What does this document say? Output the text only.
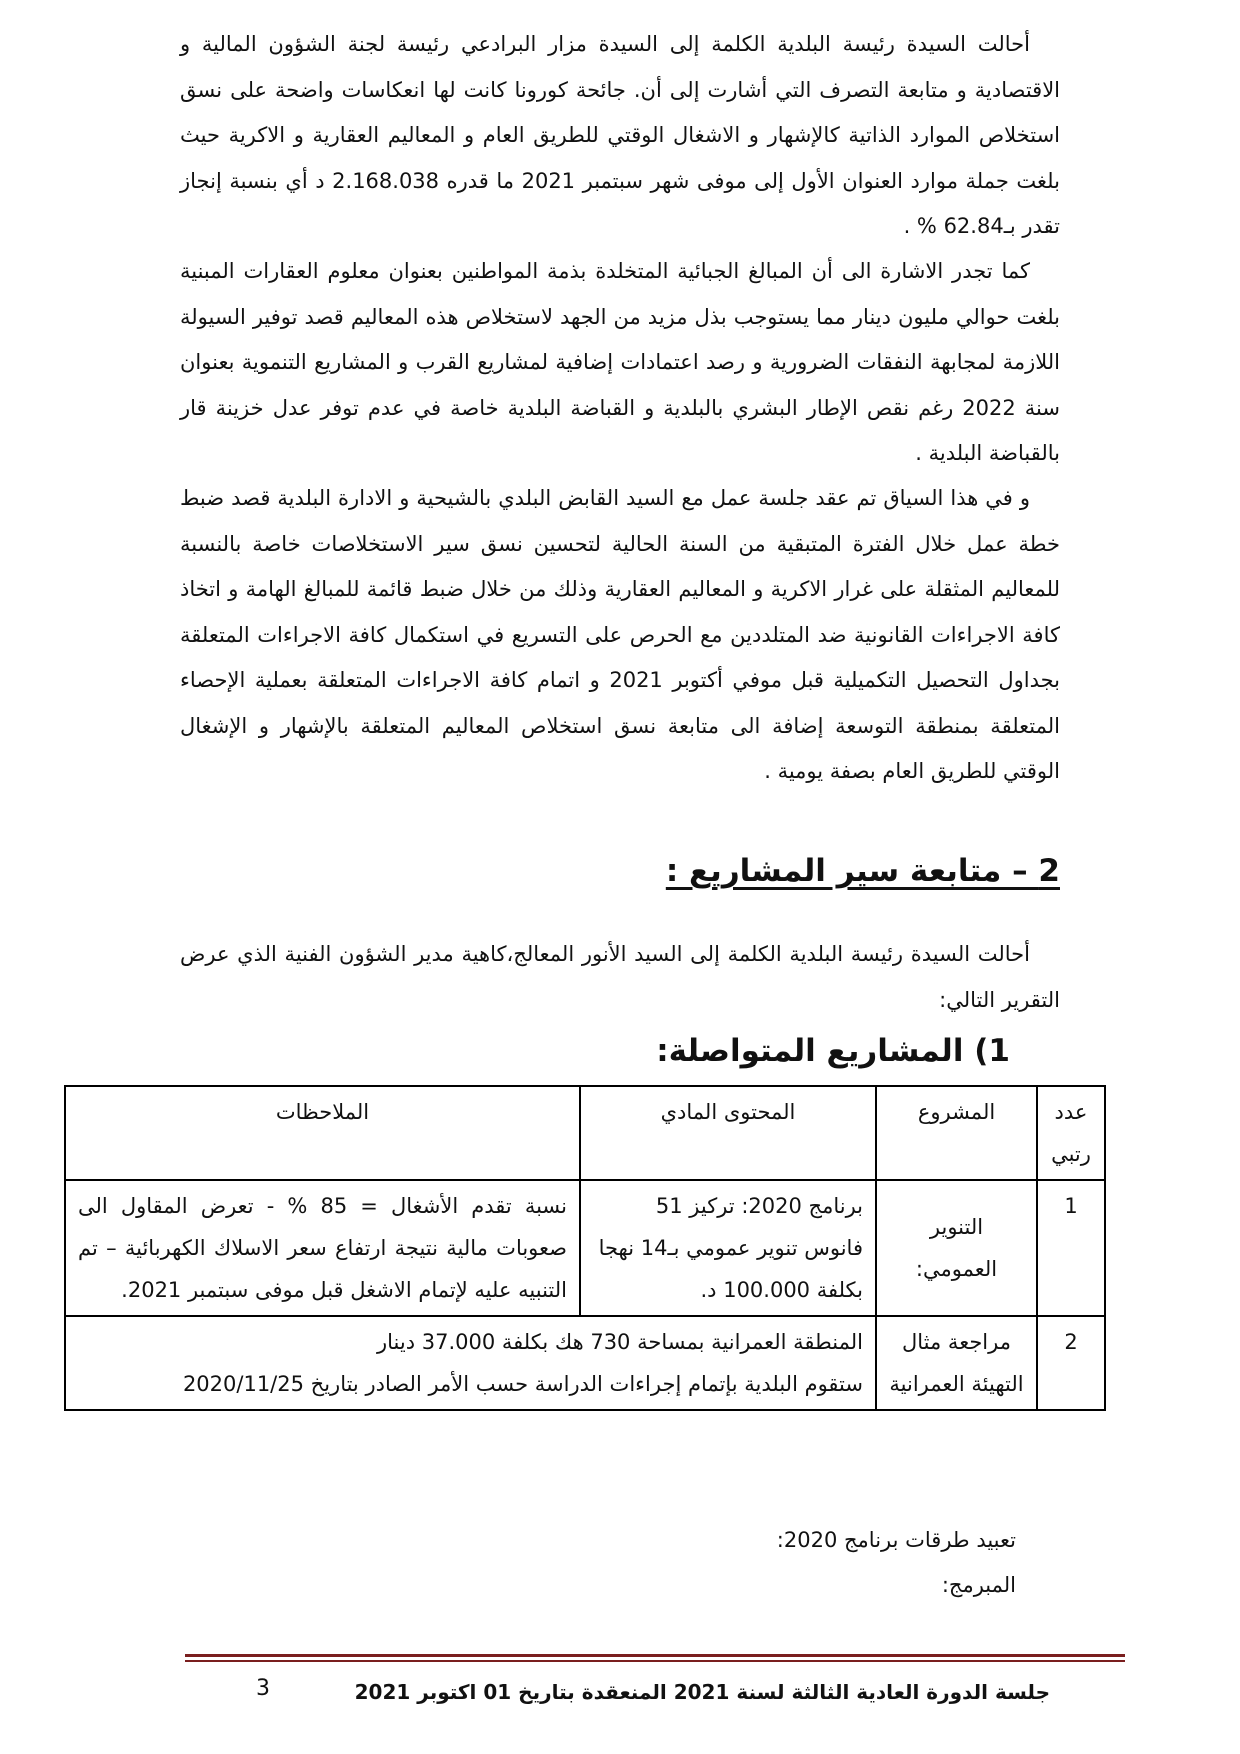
أحالت السيدة رئيسة البلدية الكلمة إلى السيدة مزار البرادعي رئيسة لجنة الشؤون المالية و الاقتصادية و متابعة التصرف التي أشارت إلى أن. جائحة كورونا كانت لها انعكاسات واضحة على نسق استخلاص الموارد الذاتية كالإشهار و الاشغال الوقتي للطريق العام و المعاليم العقارية و الاكرية حيث بلغت جملة موارد العنوان الأول إلى موفى شهر سبتمبر 2021 ما قدره 2.168.038 د أي بنسبة إنجاز تقدر بـ62.84 % .

كما تجدر الاشارة الى أن المبالغ الجبائية المتخلدة بذمة المواطنين بعنوان معلوم العقارات المبنية بلغت حوالي مليون دينار مما يستوجب بذل مزيد من الجهد لاستخلاص هذه المعاليم قصد توفير السيولة اللازمة لمجابهة النفقات الضرورية و رصد اعتمادات إضافية لمشاريع القرب و المشاريع التنموية بعنوان سنة 2022 رغم نقص الإطار البشري بالبلدية و القباضة البلدية خاصة في عدم توفر عدل خزينة قار بالقباضة البلدية .

و في هذا السياق تم عقد جلسة عمل مع السيد القابض البلدي بالشيحية و الادارة البلدية قصد ضبط خطة عمل خلال الفترة المتبقية من السنة الحالية لتحسين نسق سير الاستخلاصات خاصة بالنسبة للمعاليم المثقلة على غرار الاكرية و المعاليم العقارية وذلك من خلال ضبط قائمة للمبالغ الهامة و اتخاذ كافة الاجراءات القانونية ضد المتلددين مع الحرص على التسريع في استكمال كافة الاجراءات المتعلقة بجداول التحصيل التكميلية قبل موفي أكتوبر 2021 و اتمام كافة الاجراءات المتعلقة بعملية الإحصاء المتعلقة بمنطقة التوسعة إضافة الى متابعة نسق استخلاص المعاليم المتعلقة بالإشهار و الإشغال الوقتي للطريق العام بصفة يومية .

2 – متابعة سير المشاريع :

أحالت السيدة رئيسة البلدية الكلمة إلى السيد الأنور المعالج،كاهية مدير الشؤون الفنية الذي عرض التقرير التالي:

1) المشاريع المتواصلة:
عدد رتبي	المشروع	المحتوى المادي	الملاحظات
1	التنوير العمومي:	برنامج 2020: تركيز 51 فانوس تنوير عمومي بـ14 نهجا بكلفة 100.000 د.	نسبة تقدم الأشغال = 85 % - تعرض المقاول الى صعوبات مالية نتيجة ارتفاع سعر الاسلاك الكهربائية – تم التنبيه عليه لإتمام الاشغل قبل موفى سبتمبر 2021.
2	مراجعة مثال التهيئة العمرانية	المنطقة العمرانية بمساحة 730 هك بكلفة 37.000 دينار
ستقوم البلدية بإتمام إجراءات الدراسة حسب الأمر الصادر بتاريخ 2020/11/25	

تعبيد طرقات برنامج 2020:

المبرمج:

جلسة الدورة العادية الثالثة لسنة 2021 المنعقدة بتاريخ 01 اكتوبر 2021

3
